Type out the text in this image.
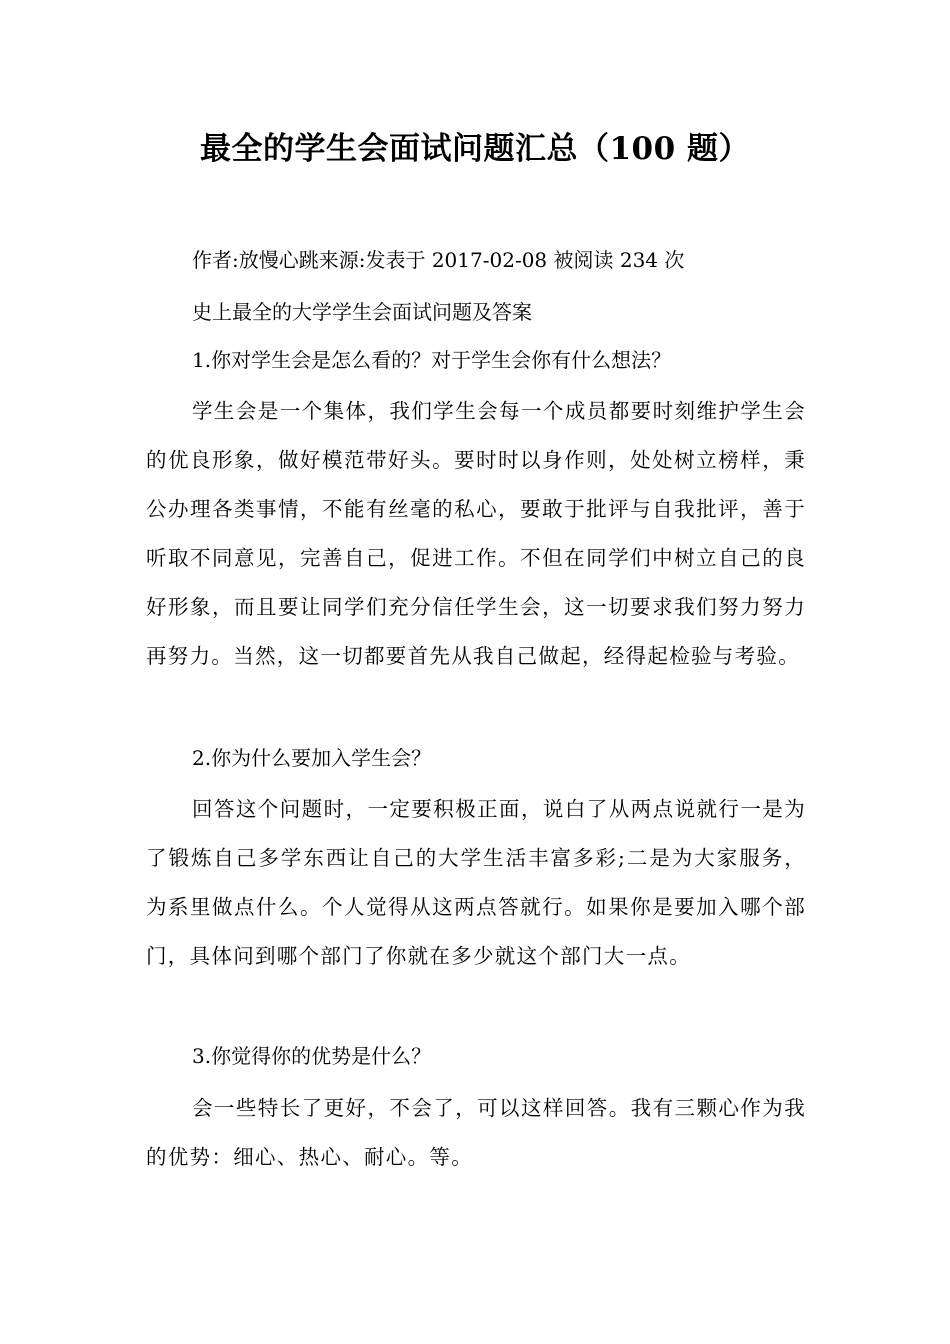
最全的学生会面试问题汇总（100 题）
作者:放慢心跳来源:发表于 2017-02-08 被阅读 234 次
史上最全的大学学生会面试问题及答案
1.你对学生会是怎么看的？对于学生会你有什么想法？

学生会是一个集体，我们学生会每一个成员都要时刻维护学生会的优良形象，做好模范带好头。要时时以身作则，处处树立榜样，秉公办理各类事情，不能有丝毫的私心，要敢于批评与自我批评，善于听取不同意见，完善自己，促进工作。不但在同学们中树立自己的良好形象，而且要让同学们充分信任学生会，这一切要求我们努力努力再努力。当然，这一切都要首先从我自己做起，经得起检验与考验。

2.你为什么要加入学生会？

回答这个问题时，一定要积极正面，说白了从两点说就行一是为了锻炼自己多学东西让自己的大学生活丰富多彩;二是为大家服务，为系里做点什么。个人觉得从这两点答就行。如果你是要加入哪个部门，具体问到哪个部门了你就在多少就这个部门大一点。

3.你觉得你的优势是什么？

会一些特长了更好，不会了，可以这样回答。我有三颗心作为我的优势：细心、热心、耐心。等。
